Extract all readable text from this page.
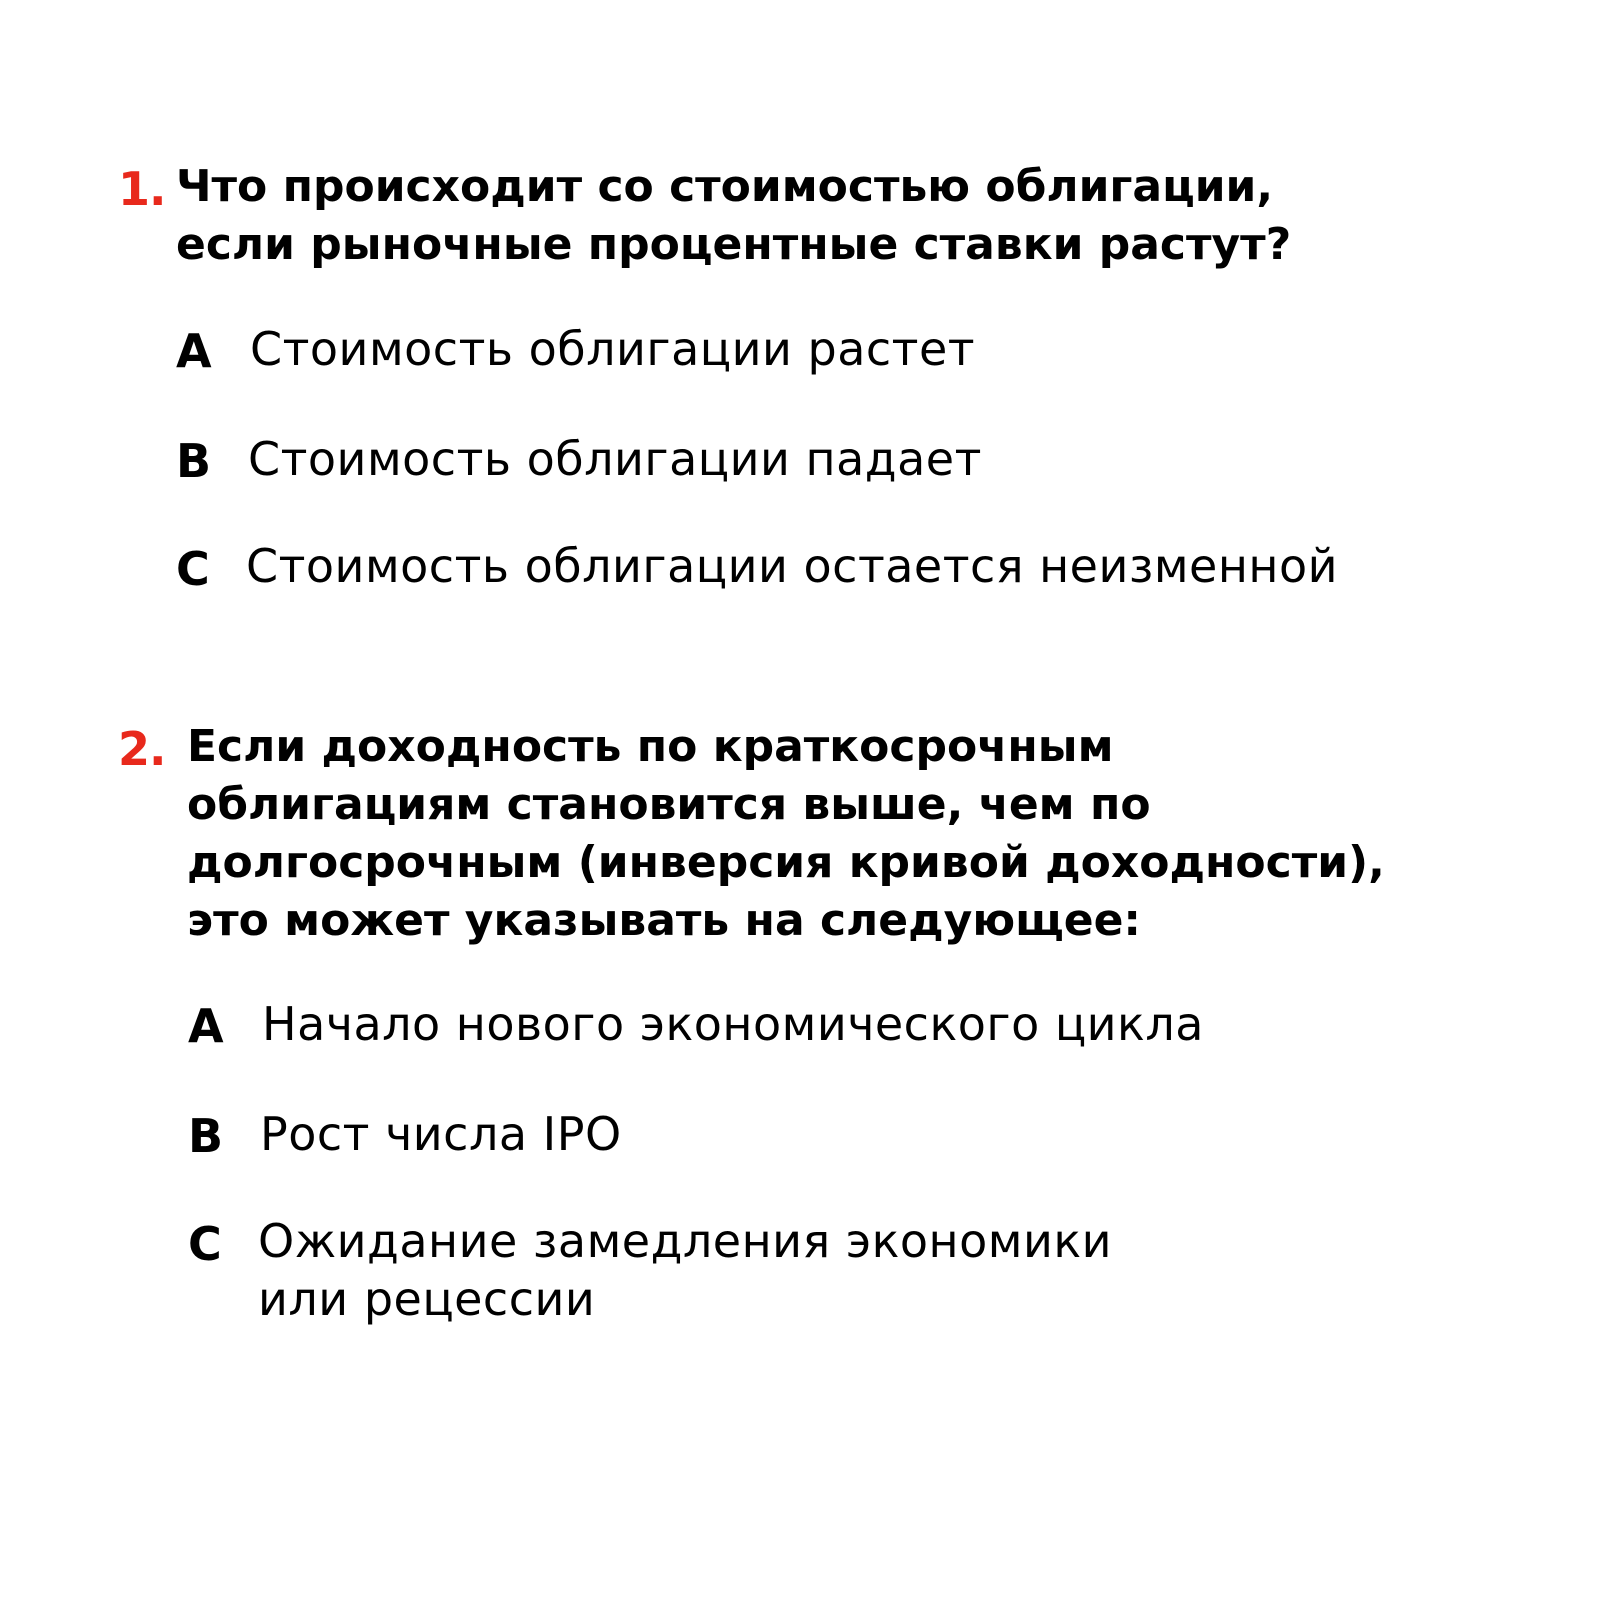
1. Что происходит со стоимостью облигации,
если рыночные процентные ставки растут?
A Стоимость облигации растет
B Стоимость облигации падает
C Стоимость облигации остается неизменной
2. Если доходность по краткосрочным
облигациям становится выше, чем по
долгосрочным (инверсия кривой доходности),
это может указывать на следующее:
A Начало нового экономического цикла
B Рост числа IPO
C Ожидание замедления экономики
или рецессии
